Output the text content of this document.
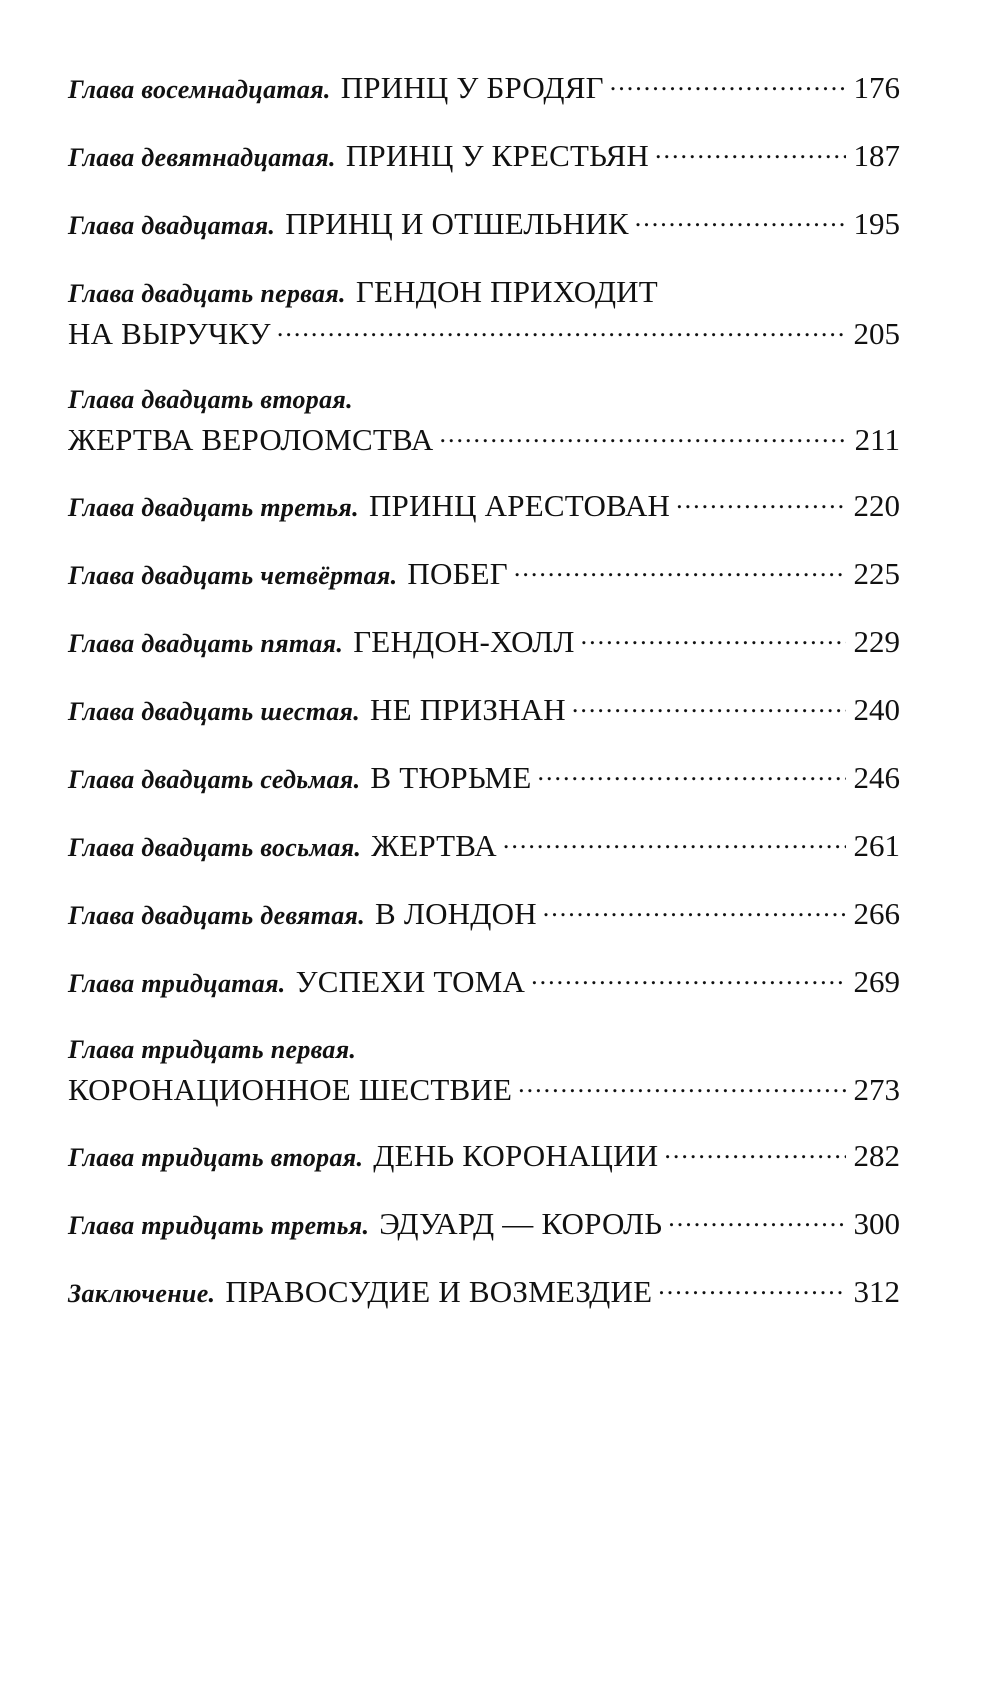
Глава восемнадцатая. ПРИНЦ У БРОДЯГ .....	176
Глава девятнадцатая. ПРИНЦ У КРЕСТЬЯН .....	187
Глава двадцатая. ПРИНЦ И ОТШЕЛЬНИК .....	195
Глава двадцать первая. ГЕНДОН ПРИХОДИТ
НА ВЫРУЧКУ .....	205
Глава двадцать вторая.
ЖЕРТВА ВЕРОЛОМСТВА .....	211
Глава двадцать третья. ПРИНЦ АРЕСТОВАН .....	220
Глава двадцать четвёртая. ПОБЕГ .....	225
Глава двадцать пятая. ГЕНДОН-ХОЛЛ .....	229
Глава двадцать шестая. НЕ ПРИЗНАН .....	240
Глава двадцать седьмая. В ТЮРЬМЕ .....	246
Глава двадцать восьмая. ЖЕРТВА .....	261
Глава двадцать девятая. В ЛОНДОН .....	266
Глава тридцатая. УСПЕХИ ТОМА .....	269
Глава тридцать первая.
КОРОНАЦИОННОЕ ШЕСТВИЕ .....	273
Глава тридцать вторая. ДЕНЬ КОРОНАЦИИ .....	282
Глава тридцать третья. ЭДУАРД — КОРОЛЬ .....	300
Заключение. ПРАВОСУДИЕ И ВОЗМЕЗДИЕ .....	312
